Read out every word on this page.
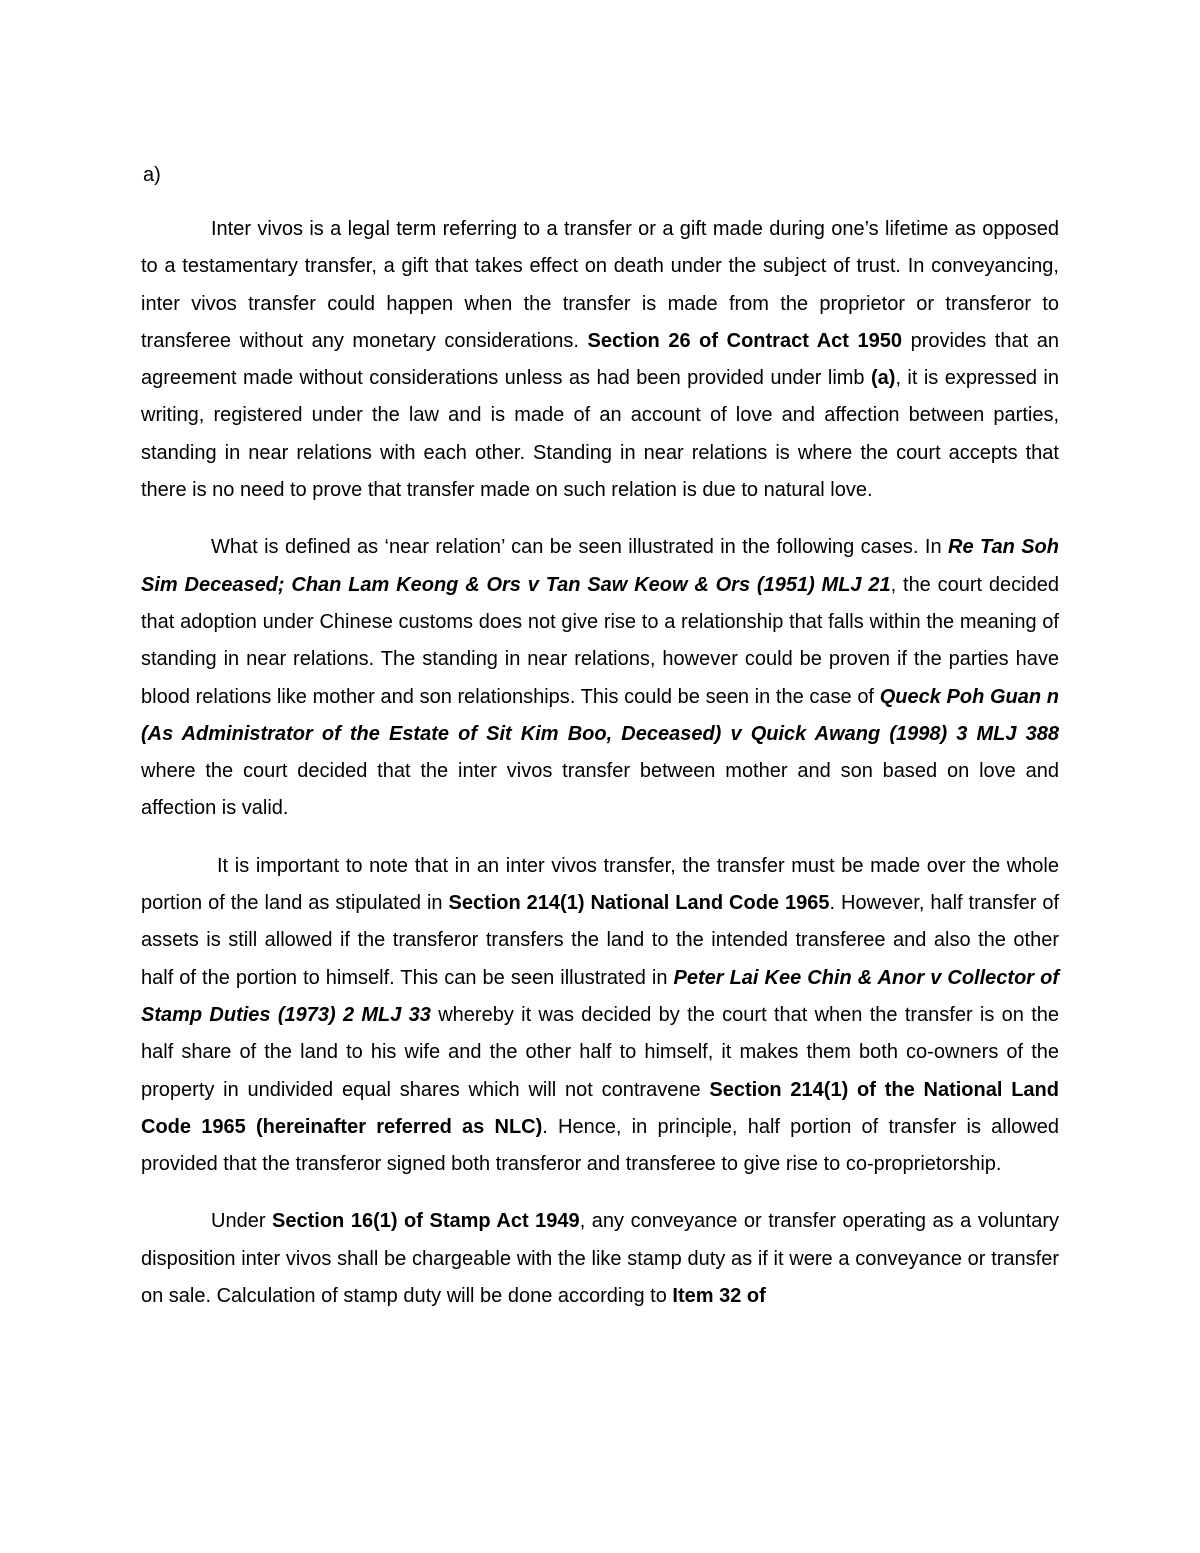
a)

Inter vivos is a legal term referring to a transfer or a gift made during one’s lifetime as opposed to a testamentary transfer, a gift that takes effect on death under the subject of trust. In conveyancing, inter vivos transfer could happen when the transfer is made from the proprietor or transferor to transferee without any monetary considerations. Section 26 of Contract Act 1950 provides that an agreement made without considerations unless as had been provided under limb (a), it is expressed in writing, registered under the law and is made of an account of love and affection between parties, standing in near relations with each other. Standing in near relations is where the court accepts that there is no need to prove that transfer made on such relation is due to natural love.

What is defined as ‘near relation’ can be seen illustrated in the following cases. In Re Tan Soh Sim Deceased; Chan Lam Keong & Ors v Tan Saw Keow & Ors (1951) MLJ 21, the court decided that adoption under Chinese customs does not give rise to a relationship that falls within the meaning of standing in near relations. The standing in near relations, however could be proven if the parties have blood relations like mother and son relationships. This could be seen in the case of Queck Poh Guan n (As Administrator of the Estate of Sit Kim Boo, Deceased) v Quick Awang (1998) 3 MLJ 388 where the court decided that the inter vivos transfer between mother and son based on love and affection is valid.

It is important to note that in an inter vivos transfer, the transfer must be made over the whole portion of the land as stipulated in Section 214(1) National Land Code 1965. However, half transfer of assets is still allowed if the transferor transfers the land to the intended transferee and also the other half of the portion to himself. This can be seen illustrated in Peter Lai Kee Chin & Anor v Collector of Stamp Duties (1973) 2 MLJ 33 whereby it was decided by the court that when the transfer is on the half share of the land to his wife and the other half to himself, it makes them both co-owners of the property in undivided equal shares which will not contravene Section 214(1) of the National Land Code 1965 (hereinafter referred as NLC). Hence, in principle, half portion of transfer is allowed provided that the transferor signed both transferor and transferee to give rise to co-proprietorship.

Under Section 16(1) of Stamp Act 1949, any conveyance or transfer operating as a voluntary disposition inter vivos shall be chargeable with the like stamp duty as if it were a conveyance or transfer on sale. Calculation of stamp duty will be done according to Item 32 of
